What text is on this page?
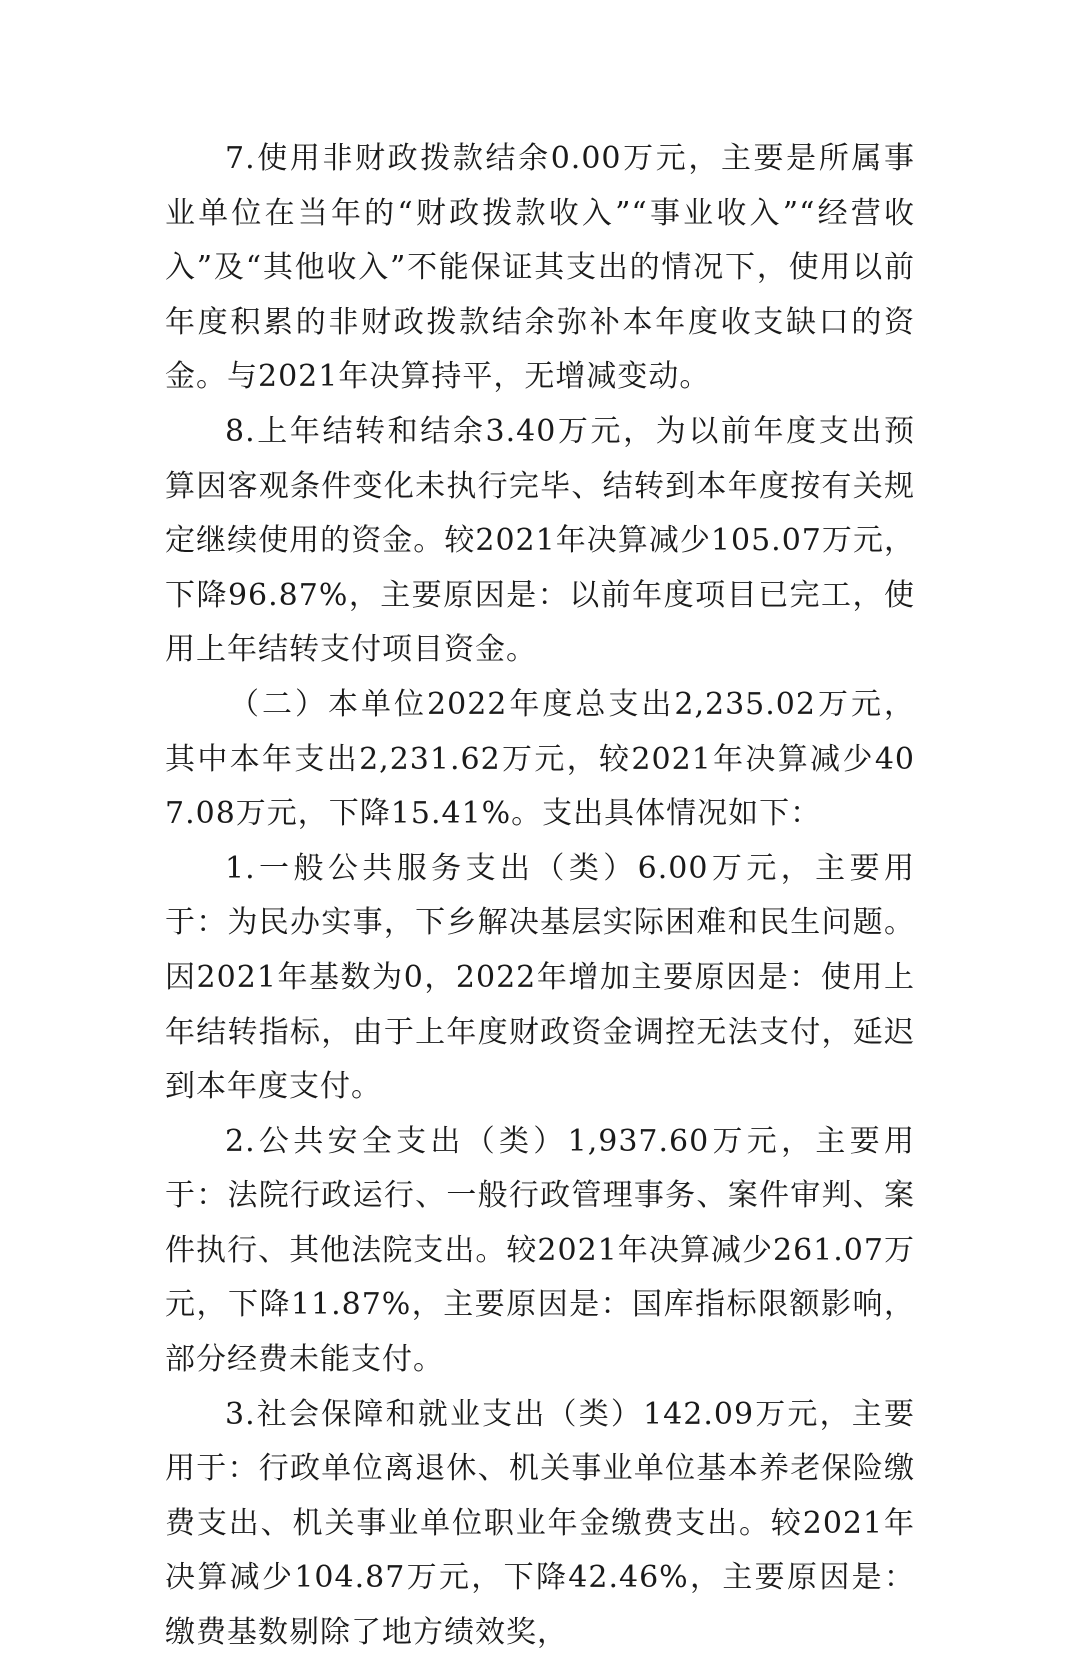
7.使用非财政拨款结余0.00万元，主要是所属事业单位在当年的“财政拨款收入”“事业收入”“经营收入”及“其他收入”不能保证其支出的情况下，使用以前年度积累的非财政拨款结余弥补本年度收支缺口的资金。与2021年决算持平，无增减变动。

8.上年结转和结余3.40万元，为以前年度支出预算因客观条件变化未执行完毕、结转到本年度按有关规定继续使用的资金。较2021年决算减少105.07万元，下降96.87%，主要原因是：以前年度项目已完工，使用上年结转支付项目资金。

（二）本单位2022年度总支出2,235.02万元，其中本年支出2,231.62万元，较2021年决算减少407.08万元，下降15.41%。支出具体情况如下：

1.一般公共服务支出（类）6.00万元，主要用于：为民办实事，下乡解决基层实际困难和民生问题。因2021年基数为0，2022年增加主要原因是：使用上年结转指标，由于上年度财政资金调控无法支付，延迟到本年度支付。

2.公共安全支出（类）1,937.60万元，主要用于：法院行政运行、一般行政管理事务、案件审判、案件执行、其他法院支出。较2021年决算减少261.07万元，下降11.87%，主要原因是：国库指标限额影响，部分经费未能支付。

3.社会保障和就业支出（类）142.09万元，主要用于：行政单位离退休、机关事业单位基本养老保险缴费支出、机关事业单位职业年金缴费支出。较2021年决算减少104.87万元，下降42.46%，主要原因是：缴费基数剔除了地方绩效奖，
